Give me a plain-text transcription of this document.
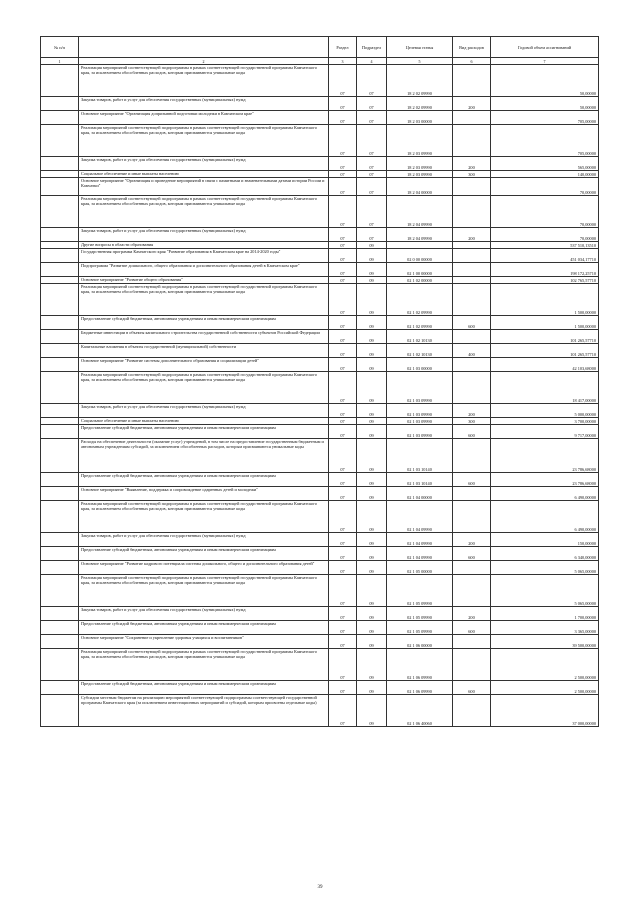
№ п/п		Раздел	Подраздел	Целевая статья	Вид расходов	Годовой объем ассигнований
1	2	3	4	5	6	7
	Реализация мероприятий соответствующей подпрограммы в рамках соответствующей государственной программы Камчатского края, за исключением обособленных расходов, которым присваиваются уникальные коды	07	07	18 2 02 09990		50,00000
	Закупка товаров, работ и услуг для обеспечения государственных (муниципальных) нужд	07	07	18 2 02 09990	200	50,00000
	Основное мероприятие "Организация допризывной подготовки молодежи в Камчатском крае"	07	07	18 2 03 00000		705,00000
	Реализация мероприятий соответствующей подпрограммы в рамках соответствующей государственной программы Камчатского края, за исключением обособленных расходов, которым присваиваются уникальные коды	07	07	18 2 03 09990		705,00000
	Закупка товаров, работ и услуг для обеспечения государственных (муниципальных) нужд	07	07	18 2 03 09990	200	565,00000
	Социальное обеспечение и иные выплаты населению	07	07	18 2 03 09990	300	140,00000
	Основное мероприятие "Организация и проведение мероприятий в связи с памятными и знаменательными датами истории России и Камчатки"	07	07	18 2 04 00000		70,00000
	Реализация мероприятий соответствующей подпрограммы в рамках соответствующей государственной программы Камчатского края, за исключением обособленных расходов, которым присваиваются уникальные коды	07	07	18 2 04 09990		70,00000
	Закупка товаров, работ и услуг для обеспечения государственных (муниципальных) нужд	07	07	18 2 04 09990	200	70,00000
	Другие вопросы в области образования	07	09			537 510,13510
	Государственная программа Камчатского края "Развитие образования в Камчатском крае на 2014-2020 годы"	07	09	02 0 00 00000		451 034,17710
	Подпрограмма "Развитие дошкольного, общего образования и дополнительного образования детей в Камчатском крае"	07	09	02 1 00 00000		198 172,25710
	Основное мероприятие "Развитие общего образования"	07	09	02 1 02 00000		102 765,57710
	Реализация мероприятий соответствующей подпрограммы в рамках соответствующей государственной программы Камчатского края, за исключением обособленных расходов, которым присваиваются уникальные коды	07	09	02 1 02 09990		1 500,00000
	Предоставление субсидий бюджетным, автономным учреждениям и иным некоммерческим организациям	07	09	02 1 02 09990	600	1 500,00000
	Бюджетные инвестиции в объекты капитального строительства государственной собственности субъектов Российской Федерации	07	09	02 1 02 10130		101 265,57710
	Капитальные вложения в объекты государственной (муниципальной) собственности	07	09	02 1 02 10130	400	101 265,57710
	Основное мероприятие "Развитие системы дополнительного образования и социализации детей"	07	09	02 1 03 00000		42 103,68000
	Реализация мероприятий соответствующей подпрограммы в рамках соответствующей государственной программы Камчатского края, за исключением обособленных расходов, которым присваиваются уникальные коды	07	09	02 1 03 09990		18 417,00000
	Закупка товаров, работ и услуг для обеспечения государственных (муниципальных) нужд	07	09	02 1 03 09990	200	5 000,00000
	Социальное обеспечение и иные выплаты населению	07	09	02 1 03 09990	300	3 700,00000
	Предоставление субсидий бюджетным, автономным учреждениям и иным некоммерческим организациям	07	09	02 1 03 09990	600	9 717,00000
	Расходы на обеспечение деятельности (оказание услуг) учреждений, в том числе на предоставление государственным бюджетным и автономным учреждениям субсидий, за исключением обособленных расходов, которым присваиваются уникальные коды	07	09	02 1 03 10140		23 786,68000
	Предоставление субсидий бюджетным, автономным учреждениям и иным некоммерческим организациям	07	09	02 1 03 10140	600	23 786,68000
	Основное мероприятие "Выявление, поддержка и сопровождение одаренных детей и молодежи"	07	09	02 1 04 00000		6 490,00000
	Реализация мероприятий соответствующей подпрограммы в рамках соответствующей государственной программы Камчатского края, за исключением обособленных расходов, которым присваиваются уникальные коды	07	09	02 1 04 09990		6 490,00000
	Закупка товаров, работ и услуг для обеспечения государственных (муниципальных) нужд	07	09	02 1 04 09990	200	150,00000
	Предоставление субсидий бюджетным, автономным учреждениям и иным некоммерческим организациям	07	09	02 1 04 09990	600	6 340,00000
	Основное мероприятие "Развитие кадрового потенциала системы дошкольного, общего и дополнительного образования детей"	07	09	02 1 05 00000		5 065,00000
	Реализация мероприятий соответствующей подпрограммы в рамках соответствующей государственной программы Камчатского края, за исключением обособленных расходов, которым присваиваются уникальные коды	07	09	02 1 05 09990		5 065,00000
	Закупка товаров, работ и услуг для обеспечения государственных (муниципальных) нужд	07	09	02 1 05 09990	200	1 700,00000
	Предоставление субсидий бюджетным, автономным учреждениям и иным некоммерческим организациям	07	09	02 1 05 09990	600	3 365,00000
	Основное мероприятие "Сохранение и укрепление здоровья учащихся и воспитанников"	07	09	02 1 06 00000		39 500,00000
	Реализация мероприятий соответствующей подпрограммы в рамках соответствующей государственной программы Камчатского края, за исключением обособленных расходов, которым присваиваются уникальные коды	07	09	02 1 06 09990		2 500,00000
	Предоставление субсидий бюджетным, автономным учреждениям и иным некоммерческим организациям	07	09	02 1 06 09990	600	2 500,00000
	Субсидии местным бюджетам на реализацию мероприятий соответствующей подпрограммы соответствующей государственной программы Камчатского края (за исключением инвестиционных мероприятий и субсидий, которым присвоены отдельные коды)	07	09	02 1 06 40060		37 000,00000
39
